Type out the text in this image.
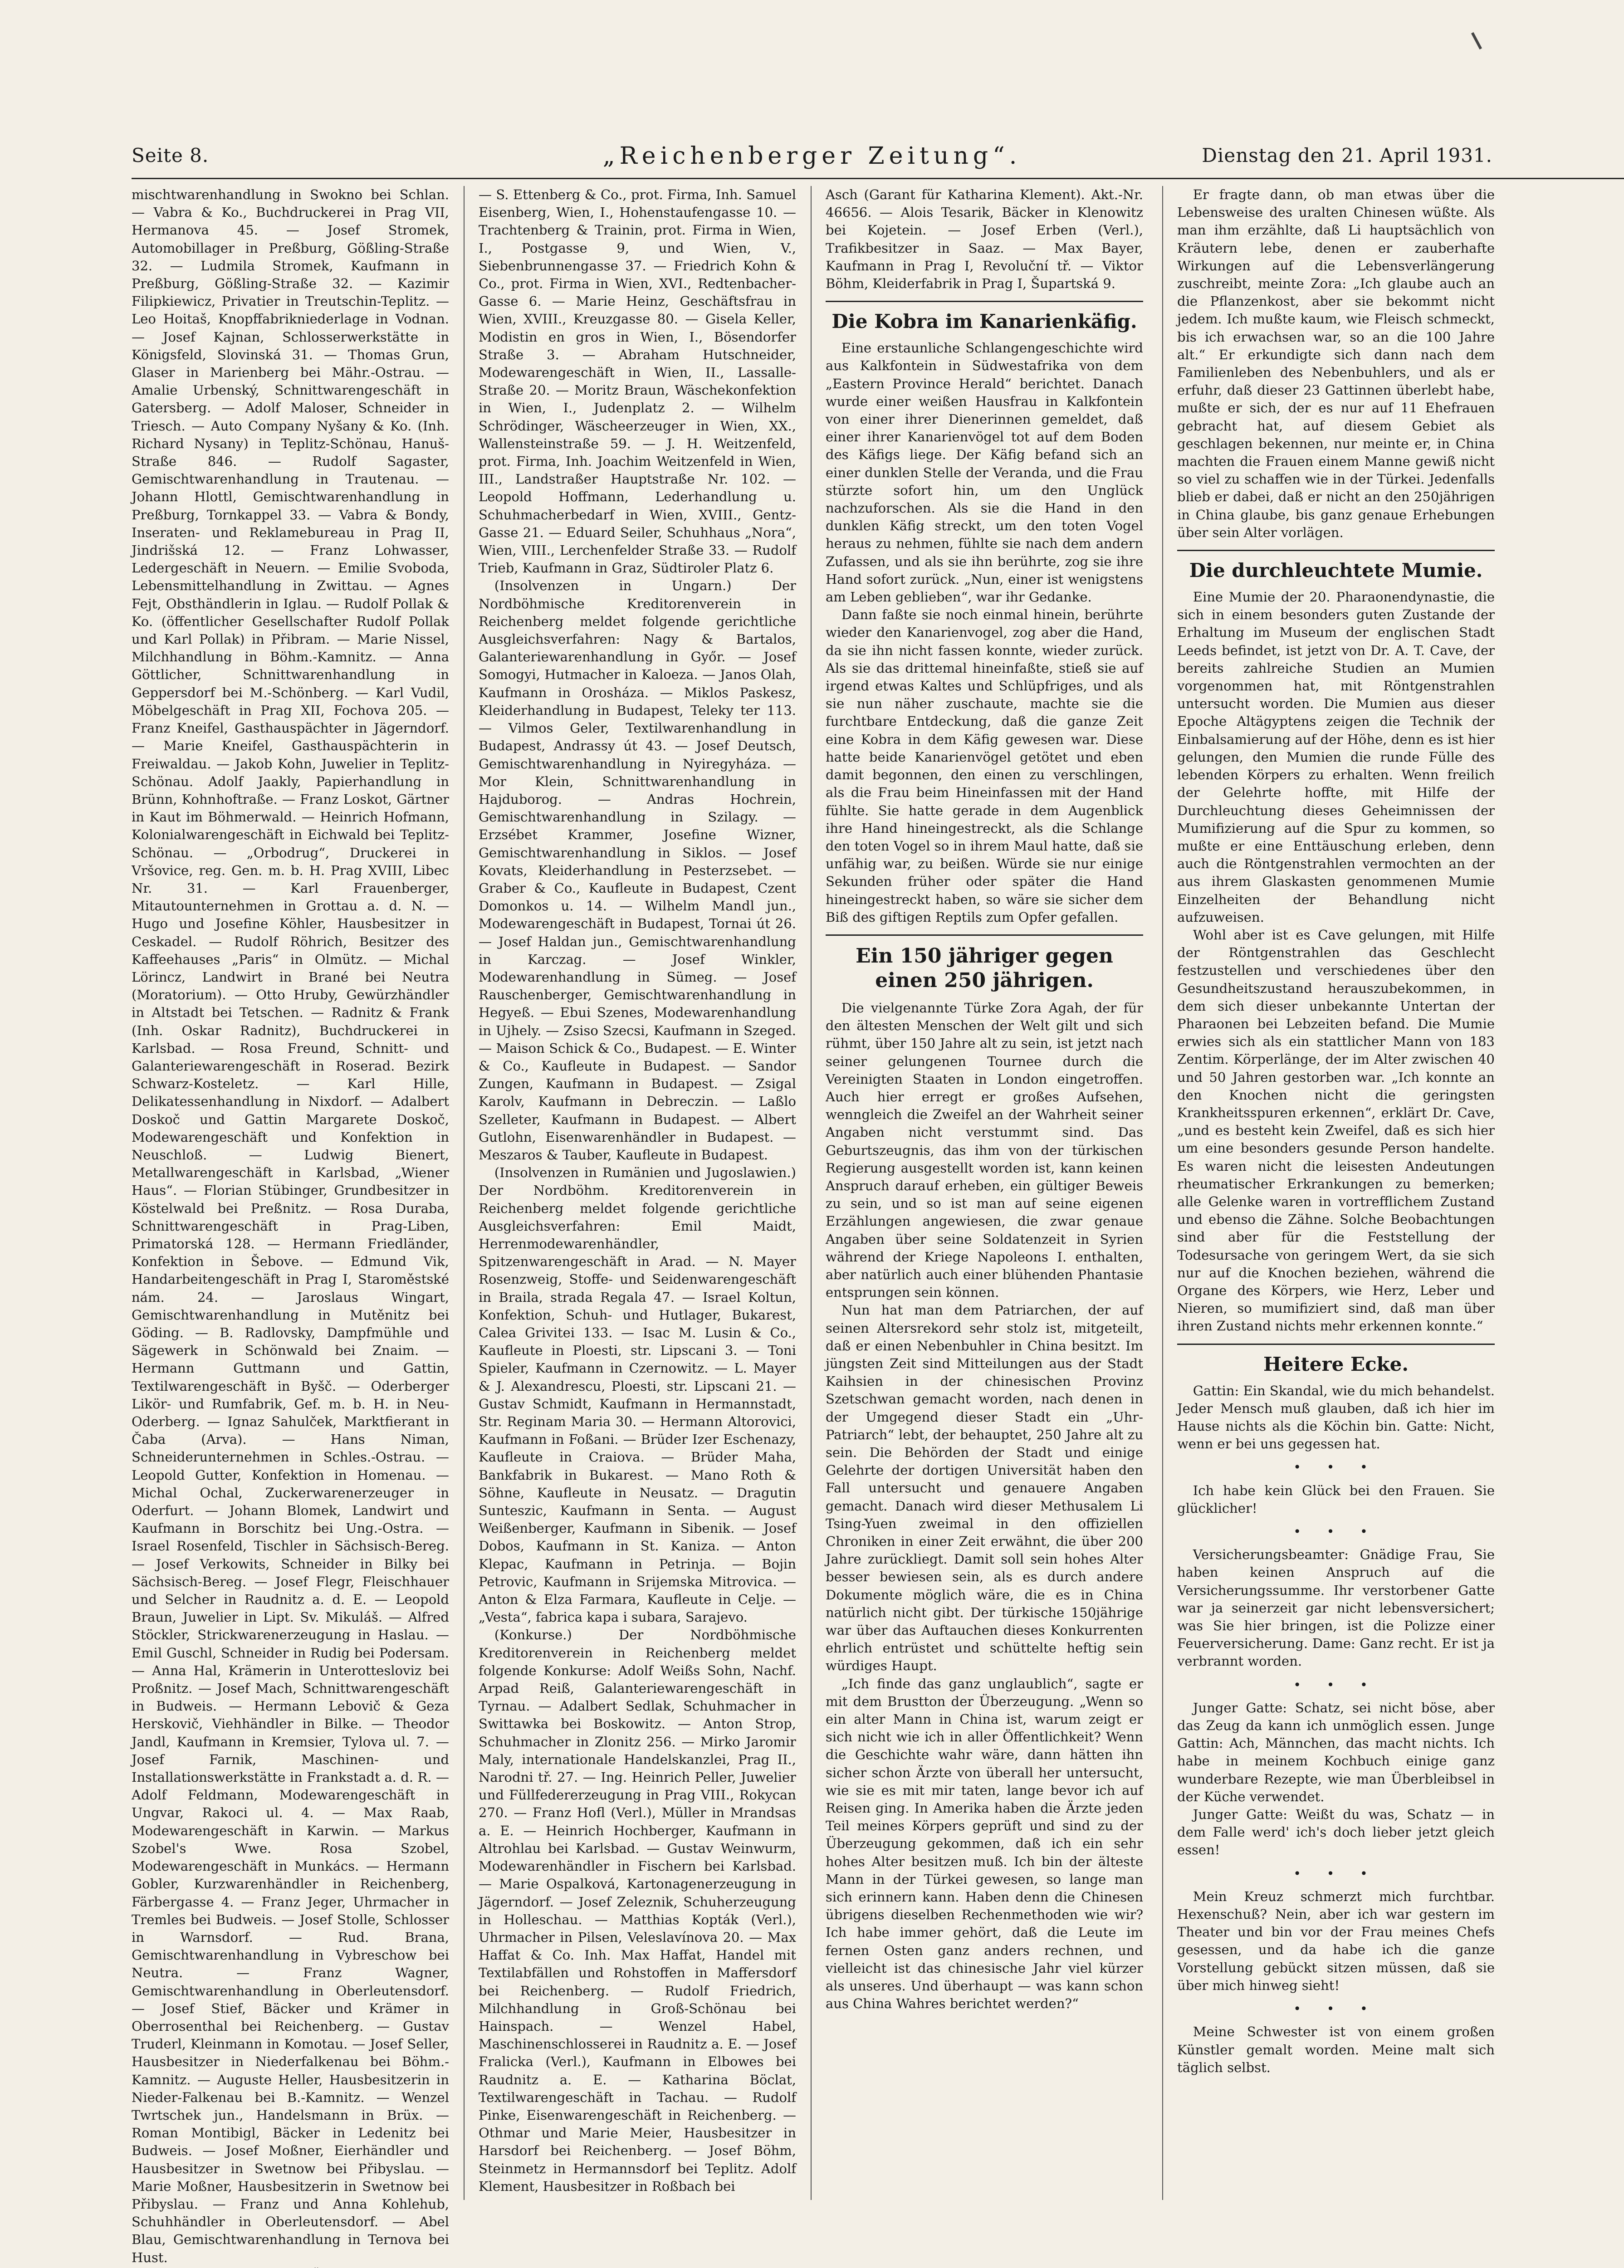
Seite 8.	„Reichenberger Zeitung“.	Dienstag den 21. April 1931.

mischtwarenhandlung in Swokno bei Schlan. — Vabra & Ko., Buchdruckerei in Prag VII, Hermanova 45. — Josef Stromek, Automobillager in Preßburg, Gößling-Straße 32. — Ludmila Stromek, Kaufmann in Preßburg, Gößling-Straße 32. — Kazimir Filipkiewicz, Privatier in Treutschin-Teplitz. — Leo Hoitaš, Knopffabrikniederlage in Vodnan. — Josef Kajnan, Schlosserwerkstätte in Königsfeld, Slovinská 31. — Thomas Grun, Glaser in Marienberg bei Mähr.-Ostrau. — Amalie Urbenský, Schnittwarengeschäft in Gatersberg. — Adolf Maloser, Schneider in Triesch. — Auto Company Nyšany & Ko. (Inh. Richard Nysany) in Teplitz-Schönau, Hanuš-Straße 846. — Rudolf Sagaster, Gemischtwarenhandlung in Trautenau. — Johann Hlottl, Gemischtwarenhandlung in Preßburg, Tornkappel 33. — Vabra & Bondy, Inseraten- und Reklamebureau in Prag II, Jindrišská 12. — Franz Lohwasser, Ledergeschäft in Neuern. — Emilie Svoboda, Lebensmittelhandlung in Zwittau. — Agnes Fejt, Obsthändlerin in Iglau. — Rudolf Pollak & Ko. (öffentlicher Gesellschafter Rudolf Pollak und Karl Pollak) in Přibram. — Marie Nissel, Milchhandlung in Böhm.-Kamnitz. — Anna Göttlicher, Schnittwarenhandlung in Geppersdorf bei M.-Schönberg. — Karl Vudil, Möbelgeschäft in Prag XII, Fochova 205. — Franz Kneifel, Gasthauspächter in Jägerndorf. — Marie Kneifel, Gasthauspächterin in Freiwaldau. — Jakob Kohn, Juwelier in Teplitz-Schönau. Adolf Jaakly, Papierhandlung in Brünn, Kohnhoftraße. — Franz Loskot, Gärtner in Kaut im Böhmerwald. — Heinrich Hofmann, Kolonialwarengeschäft in Eichwald bei Teplitz-Schönau. — „Orbodrug“, Druckerei in Vršovice, reg. Gen. m. b. H. Prag XVIII, Libec Nr. 31. — Karl Frauenberger, Mitautounternehmen in Grottau a. d. N. — Hugo und Josefine Köhler, Hausbesitzer in Ceskadel. — Rudolf Röhrich, Besitzer des Kaffeehauses „Paris“ in Olmütz. — Michal Lörincz, Landwirt in Brané bei Neutra (Moratorium). — Otto Hruby, Gewürzhändler in Altstadt bei Tetschen. — Radnitz & Frank (Inh. Oskar Radnitz), Buchdruckerei in Karlsbad. — Rosa Freund, Schnitt- und Galanteriewarengeschäft in Roserad. Bezirk Schwarz-Kosteletz. — Karl Hille, Delikatessenhandlung in Nixdorf. — Adalbert Doskoč und Gattin Margarete Doskoč, Modewarengeschäft und Konfektion in Neuschloß. — Ludwig Bienert, Metallwarengeschäft in Karlsbad, „Wiener Haus“. — Florian Stübinger, Grundbesitzer in Köstelwald bei Preßnitz. — Rosa Duraba, Schnittwarengeschäft in Prag-Liben, Primatorská 128. — Hermann Friedländer, Konfektion in Šebove. — Edmund Vik, Handarbeitengeschäft in Prag I, Staroměstské nám. 24. — Jaroslaus Wingart, Gemischtwarenhandlung in Mutěnitz bei Göding. — B. Radlovsky, Dampfmühle und Sägewerk in Schönwald bei Znaim. — Hermann Guttmann und Gattin, Textilwarengeschäft in Byšč. — Oderberger Likör- und Rumfabrik, Gef. m. b. H. in Neu-Oderberg. — Ignaz Sahulček, Marktfierant in Čaba (Arva). — Hans Niman, Schneiderunternehmen in Schles.-Ostrau. — Leopold Gutter, Konfektion in Homenau. — Michal Ochal, Zuckerwarenerzeuger in Oderfurt. — Johann Blomek, Landwirt und Kaufmann in Borschitz bei Ung.-Ostra. — Israel Rosenfeld, Tischler in Sächsisch-Bereg. — Josef Verkowits, Schneider in Bilky bei Sächsisch-Bereg. — Josef Flegr, Fleischhauer und Selcher in Raudnitz a. d. E. — Leopold Braun, Juwelier in Lipt. Sv. Mikuláš. — Alfred Stöckler, Strickwarenerzeugung in Haslau. — Emil Guschl, Schneider in Rudig bei Podersam. — Anna Hal, Krämerin in Unterottesloviz bei Proßnitz. — Josef Mach, Schnittwarengeschäft in Budweis. — Hermann Lebovič & Geza Herskovič, Viehhändler in Bilke. — Theodor Jandl, Kaufmann in Kremsier, Tylova ul. 7. — Josef Farnik, Maschinen- und Installationswerkstätte in Frankstadt a. d. R. — Adolf Feldmann, Modewarengeschäft in Ungvar, Rakoci ul. 4. — Max Raab, Modewarengeschäft in Karwin. — Markus Szobel's Wwe. Rosa Szobel, Modewarengeschäft in Munkács. — Hermann Gobler, Kurzwarenhändler in Reichenberg, Färbergasse 4. — Franz Jeger, Uhrmacher in Tremles bei Budweis. — Josef Stolle, Schlosser in Warnsdorf. — Rud. Brana, Gemischtwarenhandlung in Vybreschow bei Neutra. — Franz Wagner, Gemischtwarenhandlung in Oberleutensdorf. — Josef Stief, Bäcker und Krämer in Oberrosenthal bei Reichenberg. — Gustav Truderl, Kleinmann in Komotau. — Josef Seller, Hausbesitzer in Niederfalkenau bei Böhm.-Kamnitz. — Auguste Heller, Hausbesitzerin in Nieder-Falkenau bei B.-Kamnitz. — Wenzel Twrtschek jun., Handelsmann in Brüx. — Roman Montibigl, Bäcker in Ledenitz bei Budweis. — Josef Moßner, Eierhändler und Hausbesitzer in Swetnow bei Přibyslau. — Marie Moßner, Hausbesitzerin in Swetnow bei Přibyslau. — Franz und Anna Kohlehub, Schuhhändler in Oberleutensdorf. — Abel Blau, Gemischtwarenhandlung in Ternova bei Hust.

— S. Ettenberg & Co., prot. Firma, Inh. Samuel Eisenberg, Wien, I., Hohenstaufengasse 10. — Trachtenberg & Trainin, prot. Firma in Wien, I., Postgasse 9, und Wien, V., Siebenbrunnengasse 37. — Friedrich Kohn & Co., prot. Firma in Wien, XVI., Redtenbacher-Gasse 6. — Marie Heinz, Geschäftsfrau in Wien, XVIII., Kreuzgasse 80. — Gisela Keller, Modistin en gros in Wien, I., Bösendorfer Straße 3. — Abraham Hutschneider, Modewarengeschäft in Wien, II., Lassalle-Straße 20. — Moritz Braun, Wäschekonfektion in Wien, I., Judenplatz 2. — Wilhelm Schrödinger, Wäscheerzeuger in Wien, XX., Wallensteinstraße 59. — J. H. Weitzenfeld, prot. Firma, Inh. Joachim Weitzenfeld in Wien, III., Landstraßer Hauptstraße Nr. 102. — Leopold Hoffmann, Lederhandlung u. Schuhmacherbedarf in Wien, XVIII., Gentz-Gasse 21. — Eduard Seiler, Schuhhaus „Nora“, Wien, VIII., Lerchenfelder Straße 33. — Rudolf Trieb, Kaufmann in Graz, Südtiroler Platz 6.

(Insolvenzen in Ungarn.) Der Nordböhmische Kreditorenverein in Reichenberg meldet folgende gerichtliche Ausgleichsverfahren: Nagy & Bartalos, Galanteriewarenhandlung in Győr. — Josef Somogyi, Hutmacher in Kaloeza. — Janos Olah, Kaufmann in Orosháza. — Miklos Paskesz, Kleiderhandlung in Budapest, Teleky ter 113. — Vilmos Geler, Textilwarenhandlung in Budapest, Andrassy út 43. — Josef Deutsch, Gemischtwarenhandlung in Nyiregyháza. — Mor Klein, Schnittwarenhandlung in Hajduborog. — Andras Hochrein, Gemischtwarenhandlung in Szilagy. — Erzsébet Krammer, Josefine Wizner, Gemischtwarenhandlung in Siklos. — Josef Kovats, Kleiderhandlung in Pesterzsebet. — Graber & Co., Kaufleute in Budapest, Czent Domonkos u. 14. — Wilhelm Mandl jun., Modewarengeschäft in Budapest, Tornai út 26. — Josef Haldan jun., Gemischtwarenhandlung in Karczag. — Josef Winkler, Modewarenhandlung in Sümeg. — Josef Rauschenberger, Gemischtwarenhandlung in Hegyeß. — Ebui Szenes, Modewarenhandlung in Ujhely. — Zsiso Szecsi, Kaufmann in Szeged. — Maison Schick & Co., Budapest. — E. Winter & Co., Kaufleute in Budapest. — Sandor Zungen, Kaufmann in Budapest. — Zsigal Karolv, Kaufmann in Debreczin. — Laßlo Szelleter, Kaufmann in Budapest. — Albert Gutlohn, Eisenwarenhändler in Budapest. — Meszaros & Tauber, Kaufleute in Budapest.

(Insolvenzen in Rumänien und Jugoslawien.) Der Nordböhm. Kreditorenverein in Reichenberg meldet folgende gerichtliche Ausgleichsverfahren: Emil Maidt, Herrenmodewarenhändler, Spitzenwarengeschäft in Arad. — N. Mayer Rosenzweig, Stoffe- und Seidenwarengeschäft in Braila, strada Regala 47. — Israel Koltun, Konfektion, Schuh- und Hutlager, Bukarest, Calea Grivitei 133. — Isac M. Lusin & Co., Kaufleute in Ploesti, str. Lipscani 3. — Toni Spieler, Kaufmann in Czernowitz. — L. Mayer & J. Alexandrescu, Ploesti, str. Lipscani 21. — Gustav Schmidt, Kaufmann in Hermannstadt, Str. Reginam Maria 30. — Hermann Altorovici, Kaufmann in Foßani. — Brüder Izer Eschenazy, Kaufleute in Craiova. — Brüder Maha, Bankfabrik in Bukarest. — Mano Roth & Söhne, Kaufleute in Neusatz. — Dragutin Sunteszic, Kaufmann in Senta. — August Weißenberger, Kaufmann in Sibenik. — Josef Dobos, Kaufmann in St. Kaniza. — Anton Klepac, Kaufmann in Petrinja. — Bojin Petrovic, Kaufmann in Srijemska Mitrovica. — Anton & Elza Farmara, Kaufleute in Celje. — „Vesta“, fabrica kapa i subara, Sarajevo.

(Konkurse.) Der Nordböhmische Kreditorenverein in Reichenberg meldet folgende Konkurse: Adolf Weißs Sohn, Nachf. Arpad Reiß, Galanteriewarengeschäft in Tyrnau. — Adalbert Sedlak, Schuhmacher in Swittawka bei Boskowitz. — Anton Strop, Schuhmacher in Zlonitz 256. — Mirko Jaromir Maly, internationale Handelskanzlei, Prag II., Narodni tř. 27. — Ing. Heinrich Peller, Juwelier und Füllfedererzeugung in Prag VIII., Rokycan 270. — Franz Hofl (Verl.), Müller in Mrandsas a. E. — Heinrich Hochberger, Kaufmann in Altrohlau bei Karlsbad. — Gustav Weinwurm, Modewarenhändler in Fischern bei Karlsbad. — Marie Ospalková, Kartonagenerzeugung in Jägerndorf. — Josef Zeleznik, Schuherzeugung in Holleschau. — Matthias Kopták (Verl.), Uhrmacher in Pilsen, Veleslavínova 20. — Max Haffat & Co. Inh. Max Haffat, Handel mit Textilabfällen und Rohstoffen in Maffersdorf bei Reichenberg. — Rudolf Friedrich, Milchhandlung in Groß-Schönau bei Hainspach. — Wenzel Habel, Maschinenschlosserei in Raudnitz a. E. — Josef Fralicka (Verl.), Kaufmann in Elbowes bei Raudnitz a. E. — Katharina Böclat, Textilwarengeschäft in Tachau. — Rudolf Pinke, Eisenwarengeschäft in Reichenberg. — Othmar und Marie Meier, Hausbesitzer in Harsdorf bei Reichenberg. — Josef Böhm, Steinmetz in Hermannsdorf bei Teplitz. Adolf Klement, Hausbesitzer in Roßbach bei

Asch (Garant für Katharina Klement). Akt.-Nr. 46656. — Alois Tesarik, Bäcker in Klenowitz bei Kojetein. — Josef Erben (Verl.), Trafikbesitzer in Saaz. — Max Bayer, Kaufmann in Prag I, Revoluční tř. — Viktor Böhm, Kleiderfabrik in Prag I, Šupartská 9.

Die Kobra im Kanarienkäfig.

Eine erstaunliche Schlangengeschichte wird aus Kalkfontein in Südwestafrika von dem „Eastern Province Herald“ berichtet. Danach wurde einer weißen Hausfrau in Kalkfontein von einer ihrer Dienerinnen gemeldet, daß einer ihrer Kanarienvögel tot auf dem Boden des Käfigs liege. Der Käfig befand sich an einer dunklen Stelle der Veranda, und die Frau stürzte sofort hin, um den Unglück nachzuforschen. Als sie die Hand in den dunklen Käfig streckt, um den toten Vogel heraus zu nehmen, fühlte sie nach dem andern Zufassen, und als sie ihn berührte, zog sie ihre Hand sofort zurück. „Nun, einer ist wenigstens am Leben geblieben“, war ihr Gedanke.

Dann faßte sie noch einmal hinein, berührte wieder den Kanarienvogel, zog aber die Hand, da sie ihn nicht fassen konnte, wieder zurück. Als sie das drittemal hineinfaßte, stieß sie auf irgend etwas Kaltes und Schlüpfriges, und als sie nun näher zuschaute, machte sie die furchtbare Entdeckung, daß die ganze Zeit eine Kobra in dem Käfig gewesen war. Diese hatte beide Kanarienvögel getötet und eben damit begonnen, den einen zu verschlingen, als die Frau beim Hineinfassen mit der Hand fühlte. Sie hatte gerade in dem Augenblick ihre Hand hineingestreckt, als die Schlange den toten Vogel so in ihrem Maul hatte, daß sie unfähig war, zu beißen. Würde sie nur einige Sekunden früher oder später die Hand hineingestreckt haben, so wäre sie sicher dem Biß des giftigen Reptils zum Opfer gefallen.

Ein 150 jähriger gegen
einen 250 jährigen.

Die vielgenannte Türke Zora Agah, der für den ältesten Menschen der Welt gilt und sich rühmt, über 150 Jahre alt zu sein, ist jetzt nach seiner gelungenen Tournee durch die Vereinigten Staaten in London eingetroffen. Auch hier erregt er großes Aufsehen, wenngleich die Zweifel an der Wahrheit seiner Angaben nicht verstummt sind. Das Geburtszeugnis, das ihm von der türkischen Regierung ausgestellt worden ist, kann keinen Anspruch darauf erheben, ein gültiger Beweis zu sein, und so ist man auf seine eigenen Erzählungen angewiesen, die zwar genaue Angaben über seine Soldatenzeit in Syrien während der Kriege Napoleons I. enthalten, aber natürlich auch einer blühenden Phantasie entsprungen sein können.

Nun hat man dem Patriarchen, der auf seinen Altersrekord sehr stolz ist, mitgeteilt, daß er einen Nebenbuhler in China besitzt. Im jüngsten Zeit sind Mitteilungen aus der Stadt Kaihsien in der chinesischen Provinz Szetschwan gemacht worden, nach denen in der Umgegend dieser Stadt ein „Uhr-Patriarch“ lebt, der behauptet, 250 Jahre alt zu sein. Die Behörden der Stadt und einige Gelehrte der dortigen Universität haben den Fall untersucht und genauere Angaben gemacht. Danach wird dieser Methusalem Li Tsing-Yuen zweimal in den offiziellen Chroniken in einer Zeit erwähnt, die über 200 Jahre zurückliegt. Damit soll sein hohes Alter besser bewiesen sein, als es durch andere Dokumente möglich wäre, die es in China natürlich nicht gibt. Der türkische 150jährige war über das Auftauchen dieses Konkurrenten ehrlich entrüstet und schüttelte heftig sein würdiges Haupt.

„Ich finde das ganz unglaublich“, sagte er mit dem Brustton der Überzeugung. „Wenn so ein alter Mann in China ist, warum zeigt er sich nicht wie ich in aller Öffentlichkeit? Wenn die Geschichte wahr wäre, dann hätten ihn sicher schon Ärzte von überall her untersucht, wie sie es mit mir taten, lange bevor ich auf Reisen ging. In Amerika haben die Ärzte jeden Teil meines Körpers geprüft und sind zu der Überzeugung gekommen, daß ich ein sehr hohes Alter besitzen muß. Ich bin der älteste Mann in der Türkei gewesen, so lange man sich erinnern kann. Haben denn die Chinesen übrigens dieselben Rechenmethoden wie wir? Ich habe immer gehört, daß die Leute im fernen Osten ganz anders rechnen, und vielleicht ist das chinesische Jahr viel kürzer als unseres. Und überhaupt — was kann schon aus China Wahres berichtet werden?“

Er fragte dann, ob man etwas über die Lebensweise des uralten Chinesen wüßte. Als man ihm erzählte, daß Li hauptsächlich von Kräutern lebe, denen er zauberhafte Wirkungen auf die Lebensverlängerung zuschreibt, meinte Zora: „Ich glaube auch an die Pflanzenkost, aber sie bekommt nicht jedem. Ich mußte kaum, wie Fleisch schmeckt, bis ich erwachsen war, so an die 100 Jahre alt.“ Er erkundigte sich dann nach dem Familienleben des Nebenbuhlers, und als er erfuhr, daß dieser 23 Gattinnen überlebt habe, mußte er sich, der es nur auf 11 Ehefrauen gebracht hat, auf diesem Gebiet als geschlagen bekennen, nur meinte er, in China machten die Frauen einem Manne gewiß nicht so viel zu schaffen wie in der Türkei. Jedenfalls blieb er dabei, daß er nicht an den 250jährigen in China glaube, bis ganz genaue Erhebungen über sein Alter vorlägen.

Die durchleuchtete Mumie.

Eine Mumie der 20. Pharaonendynastie, die sich in einem besonders guten Zustande der Erhaltung im Museum der englischen Stadt Leeds befindet, ist jetzt von Dr. A. T. Cave, der bereits zahlreiche Studien an Mumien vorgenommen hat, mit Röntgenstrahlen untersucht worden. Die Mumien aus dieser Epoche Altägyptens zeigen die Technik der Einbalsamierung auf der Höhe, denn es ist hier gelungen, den Mumien die runde Fülle des lebenden Körpers zu erhalten. Wenn freilich der Gelehrte hoffte, mit Hilfe der Durchleuchtung dieses Geheimnissen der Mumifizierung auf die Spur zu kommen, so mußte er eine Enttäuschung erleben, denn auch die Röntgenstrahlen vermochten an der aus ihrem Glaskasten genommenen Mumie Einzelheiten der Behandlung nicht aufzuweisen.

Wohl aber ist es Cave gelungen, mit Hilfe der Röntgenstrahlen das Geschlecht festzustellen und verschiedenes über den Gesundheitszustand herauszubekommen, in dem sich dieser unbekannte Untertan der Pharaonen bei Lebzeiten befand. Die Mumie erwies sich als ein stattlicher Mann von 183 Zentim. Körperlänge, der im Alter zwischen 40 und 50 Jahren gestorben war. „Ich konnte an den Knochen nicht die geringsten Krankheitsspuren erkennen“, erklärt Dr. Cave, „und es besteht kein Zweifel, daß es sich hier um eine besonders gesunde Person handelte. Es waren nicht die leisesten Andeutungen rheumatischer Erkrankungen zu bemerken; alle Gelenke waren in vortrefflichem Zustand und ebenso die Zähne. Solche Beobachtungen sind aber für die Feststellung der Todesursache von geringem Wert, da sie sich nur auf die Knochen beziehen, während die Organe des Körpers, wie Herz, Leber und Nieren, so mumifiziert sind, daß man über ihren Zustand nichts mehr erkennen konnte.“

Heitere Ecke.

Gattin: Ein Skandal, wie du mich behandelst. Jeder Mensch muß glauben, daß ich hier im Hause nichts als die Köchin bin. Gatte: Nicht, wenn er bei uns gegessen hat.

• • •

Ich habe kein Glück bei den Frauen. Sie glücklicher!

• • •

Versicherungsbeamter: Gnädige Frau, Sie haben keinen Anspruch auf die Versicherungssumme. Ihr verstorbener Gatte war ja seinerzeit gar nicht lebensversichert; was Sie hier bringen, ist die Polizze einer Feuerversicherung. Dame: Ganz recht. Er ist ja verbrannt worden.

• • •

Junger Gatte: Schatz, sei nicht böse, aber das Zeug da kann ich unmöglich essen. Junge Gattin: Ach, Männchen, das macht nichts. Ich habe in meinem Kochbuch einige ganz wunderbare Rezepte, wie man Überbleibsel in der Küche verwendet.

Junger Gatte: Weißt du was, Schatz — in dem Falle werd' ich's doch lieber jetzt gleich essen!

• • •

Mein Kreuz schmerzt mich furchtbar. Hexenschuß? Nein, aber ich war gestern im Theater und bin vor der Frau meines Chefs gesessen, und da habe ich die ganze Vorstellung gebückt sitzen müssen, daß sie über mich hinweg sieht!

• • •

Meine Schwester ist von einem großen Künstler gemalt worden. Meine malt sich täglich selbst.
